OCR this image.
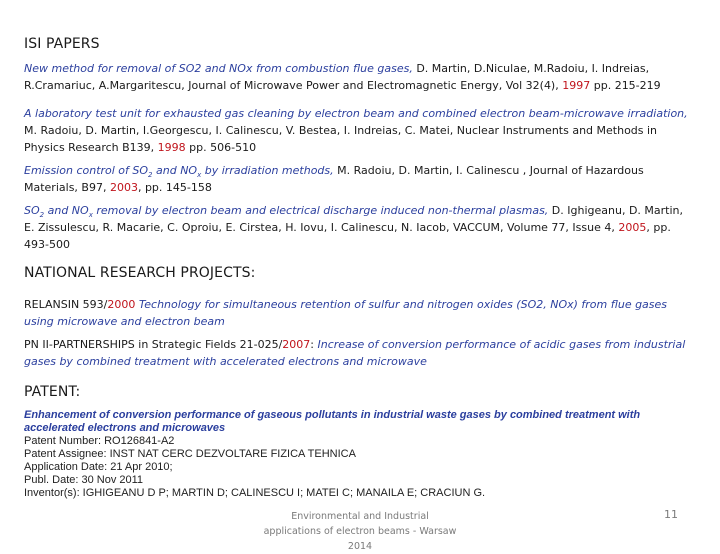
ISI PAPERS
New method for removal of SO2 and NOx from combustion flue gases, D. Martin, D.Niculae, M.Radoiu, I. Indreias, R.Cramariuc, A.Margaritescu, Journal of Microwave Power and Electromagnetic Energy, Vol 32(4), 1997 pp. 215-219
A laboratory test unit for exhausted gas cleaning by electron beam and combined electron beam-microwave irradiation, M. Radoiu, D. Martin, I.Georgescu, I. Calinescu, V. Bestea, I. Indreias, C. Matei, Nuclear Instruments and Methods in Physics Research B139, 1998 pp. 506-510
Emission control of $SO_2$ and $NO_x$ by irradiation methods, M. Radoiu, D. Martin, I. Calinescu , Journal of Hazardous Materials, B97, 2003, pp. 145-158
$SO_2$ and $NO_x$ removal by electron beam and electrical discharge induced non-thermal plasmas, D. Ighigeanu, D. Martin, E. Zissulescu, R. Macarie, C. Oproiu, E. Cirstea, H. Iovu, I. Calinescu, N. Iacob, VACCUM, Volume 77, Issue 4, 2005, pp. 493-500
NATIONAL RESEARCH PROJECTS:
RELANSIN 593/2000 Technology for simultaneous retention of sulfur and nitrogen oxides (SO2, NOx) from flue gases using microwave and electron beam
PN II-PARTNERSHIPS in Strategic Fields 21-025/2007: Increase of conversion performance of acidic gases from industrial gases by combined treatment with accelerated electrons and microwave
PATENT:
Enhancement of conversion performance of gaseous pollutants in industrial waste gases by combined treatment with accelerated electrons and microwaves
Patent Number: RO126841-A2
Patent Assignee: INST NAT CERC DEZVOLTARE FIZICA TEHNICA
Application Date: 21 Apr 2010;
Publ. Date: 30 Nov 2011
Inventor(s): IGHIGEANU D P; MARTIN D; CALINESCU I; MATEI C; MANAILA E; CRACIUN G.
Environmental and Industrial
applications of electron beams - Warsaw
2014
11
